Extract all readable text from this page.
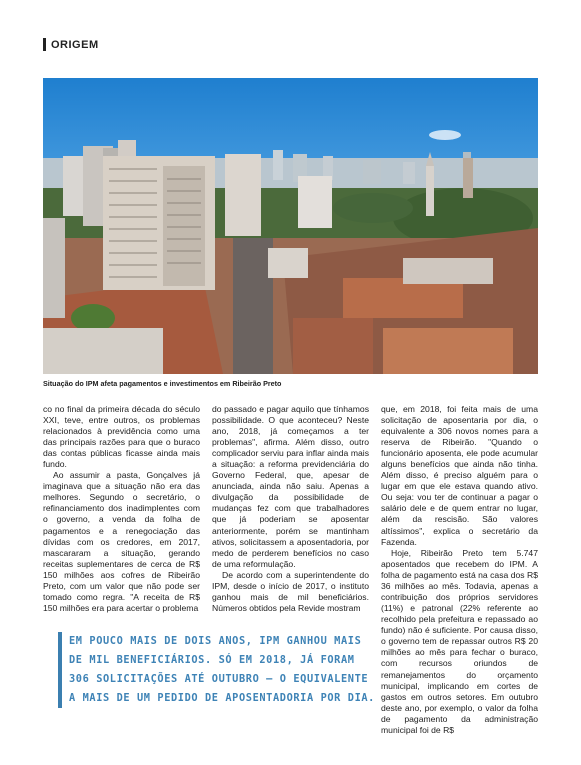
ORIGEM
Situação do IPM afeta pagamentos e investimentos em Ribeirão Preto

co no final da primeira década do século XXI, teve, entre outros, os problemas relacionados à previdência como uma das principais razões para que o buraco das contas públicas ficasse ainda mais fundo.

Ao assumir a pasta, Gonçalves já imaginava que a situação não era das melhores. Segundo o secretário, o refinanciamento dos inadimplentes com o governo, a venda da folha de pagamentos e a renegociação das dívidas com os credores, em 2017, mascararam a situação, gerando receitas suplementares de cerca de R$ 150 milhões aos cofres de Ribeirão Preto, com um valor que não pode ser tomado como regra. "A receita de R$ 150 milhões era para acertar o problema

do passado e pagar aquilo que tínhamos possibilidade. O que aconteceu? Neste ano, 2018, já começamos a ter problemas", afirma. Além disso, outro complicador serviu para inflar ainda mais a situação: a reforma previdenciária do Governo Federal, que, apesar de anunciada, ainda não saiu. Apenas a divulgação da possibilidade de mudanças fez com que trabalhadores que já poderiam se aposentar anteriormente, porém se mantinham ativos, solicitassem a aposentadoria, por medo de perderem benefícios no caso de uma reformulação.

De acordo com a superintendente do IPM, desde o início de 2017, o instituto ganhou mais de mil beneficiários. Números obtidos pela Revide mostram

que, em 2018, foi feita mais de uma solicitação de aposentaria por dia, o equivalente a 306 novos nomes para a reserva de Ribeirão. "Quando o funcionário aposenta, ele pode acumular alguns benefícios que ainda não tinha. Além disso, é preciso alguém para o lugar em que ele estava quando ativo. Ou seja: vou ter de continuar a pagar o salário dele e de quem entrar no lugar, além da rescisão. São valores altíssimos", explica o secretário da Fazenda.

Hoje, Ribeirão Preto tem 5.747 aposentados que recebem do IPM. A folha de pagamento está na casa dos R$ 36 milhões ao mês. Todavia, apenas a contribuição dos próprios servidores (11%) e patronal (22% referente ao recolhido pela prefeitura e repassado ao fundo) não é suficiente. Por causa disso, o governo tem de repassar outros R$ 20 milhões ao mês para fechar o buraco, com recursos oriundos de remanejamentos do orçamento municipal, implicando em cortes de gastos em outros setores. Em outubro deste ano, por exemplo, o valor da folha de pagamento da administração municipal foi de R$

EM POUCO MAIS DE DOIS ANOS, IPM GANHOU MAIS DE MIL BENEFICIÁRIOS. SÓ EM 2018, JÁ FORAM 306 SOLICITAÇÕES ATÉ OUTUBRO – O EQUIVALENTE A MAIS DE UM PEDIDO DE APOSENTADORIA POR DIA.
